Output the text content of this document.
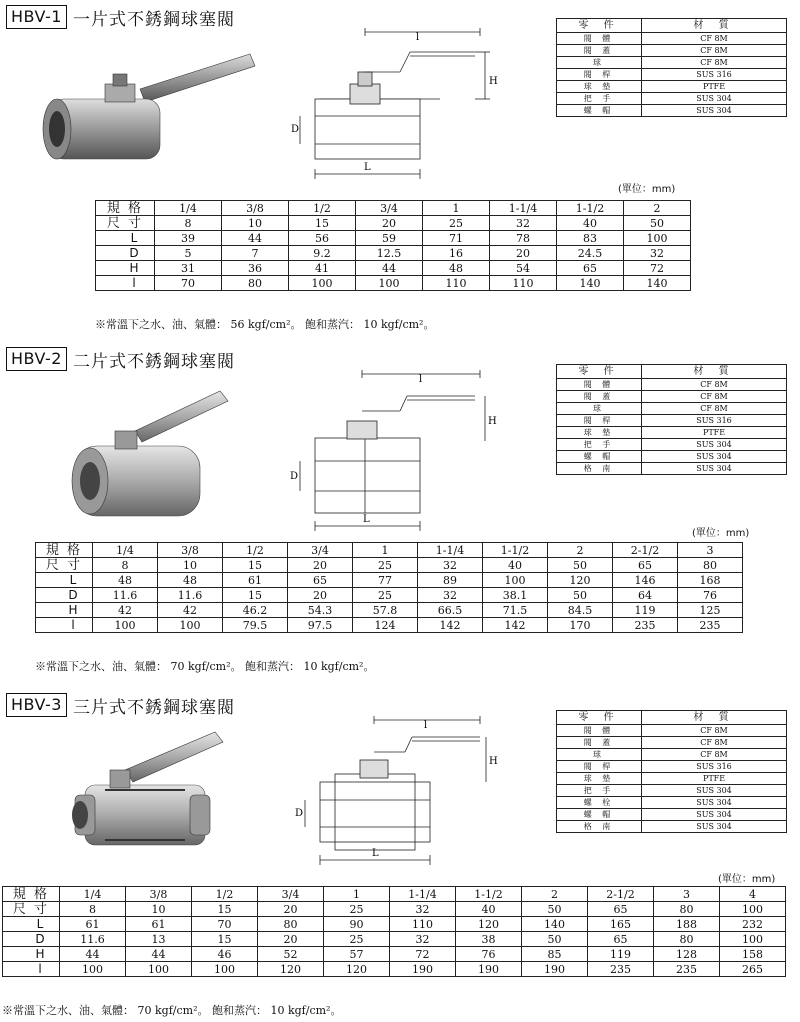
HBV-1 一片式不銹鋼球塞閥
l
H
D
L
零 件	材 質
閥 體	CF 8M
閥 蓋	CF 8M
球	CF 8M
閥 桿	SUS 316
球 墊	PTFE
把 手	SUS 304
螺 帽	SUS 304
(單位：mm)
規 格	1/4	3/8	1/2	3/4	1	1-1/4	1-1/2	2
尺 寸	8	10	15	20	25	32	40	50
L	39	44	56	59	71	78	83	100
D	5	7	9.2	12.5	16	20	24.5	32
H	31	36	41	44	48	54	65	72
l	70	80	100	100	110	110	140	140
※常溫下之水、油、氣體： 56 kgf/cm²。 飽和蒸汽： 10 kgf/cm²。
HBV-2 二片式不銹鋼球塞閥
l
H
D
L
零 件	材 質
閥 體	CF 8M
閥 蓋	CF 8M
球	CF 8M
閥 桿	SUS 316
球 墊	PTFE
把 手	SUS 304
螺 帽	SUS 304
格 南	SUS 304
(單位：mm)
規 格	1/4	3/8	1/2	3/4	1	1-1/4	1-1/2	2	2-1/2	3
尺 寸	8	10	15	20	25	32	40	50	65	80
L	48	48	61	65	77	89	100	120	146	168
D	11.6	11.6	15	20	25	32	38.1	50	64	76
H	42	42	46.2	54.3	57.8	66.5	71.5	84.5	119	125
l	100	100	79.5	97.5	124	142	142	170	235	235
※常溫下之水、油、氣體： 70 kgf/cm²。 飽和蒸汽： 10 kgf/cm²。
HBV-3 三片式不銹鋼球塞閥
l
H
D
L
零 件	材 質
閥 體	CF 8M
閥 蓋	CF 8M
球	CF 8M
閥 桿	SUS 316
球 墊	PTFE
把 手	SUS 304
螺 栓	SUS 304
螺 帽	SUS 304
格 南	SUS 304
(單位：mm)
規 格	1/4	3/8	1/2	3/4	1	1-1/4	1-1/2	2	2-1/2	3	4
尺 寸	8	10	15	20	25	32	40	50	65	80	100
L	61	61	70	80	90	110	120	140	165	188	232
D	11.6	13	15	20	25	32	38	50	65	80	100
H	44	44	46	52	57	72	76	85	119	128	158
l	100	100	100	120	120	190	190	190	235	235	265
※常溫下之水、油、氣體： 70 kgf/cm²。 飽和蒸汽： 10 kgf/cm²。
